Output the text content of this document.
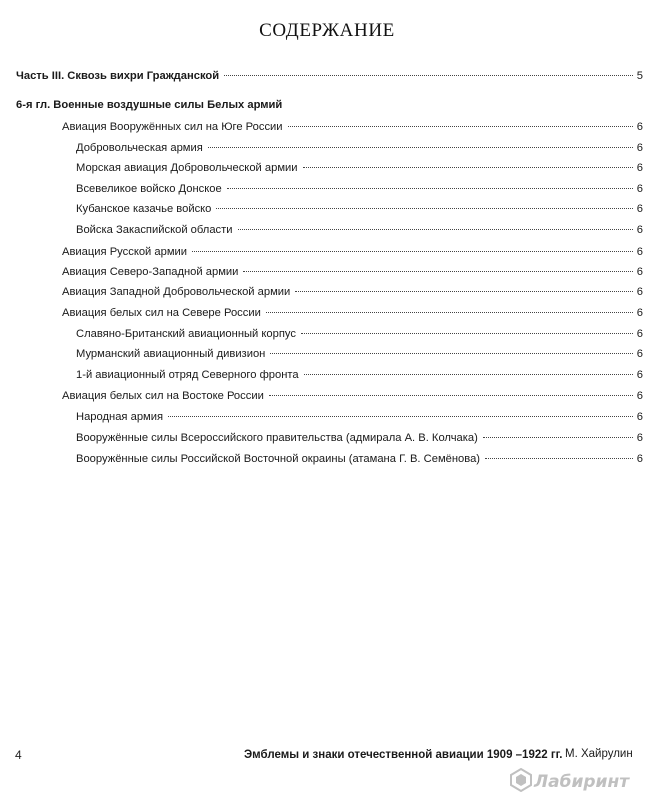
СОДЕРЖАНИЕ
Часть III. Сквозь вихри Гражданской	5
6-я гл. Военные воздушные силы Белых армий
Авиация Вооружённых сил на Юге России	6
Добровольческая армия	6
Морская авиация Добровольческой армии	6
Всевеликое войско Донское	6
Кубанское казачье войско	6
Войска Закаспийской области	6
Авиация Русской армии	6
Авиация Северо-Западной армии	6
Авиация Западной Добровольческой армии	6
Авиация белых сил на Севере России	6
Славяно-Британский авиационный корпус	6
Мурманский авиационный дивизион	6
1-й авиационный отряд Северного фронта	6
Авиация белых сил на Востоке России	6
Народная армия	6
Вооружённые силы Всероссийского правительства (адмирала А. В. Колчака)	6
Вооружённые силы Российской Восточной окраины (атамана Г. В. Семёнова)	6
4	Эмблемы и знаки отечественной авиации 1909 –1922 гг. М. Хайрулин
Лабиринт
